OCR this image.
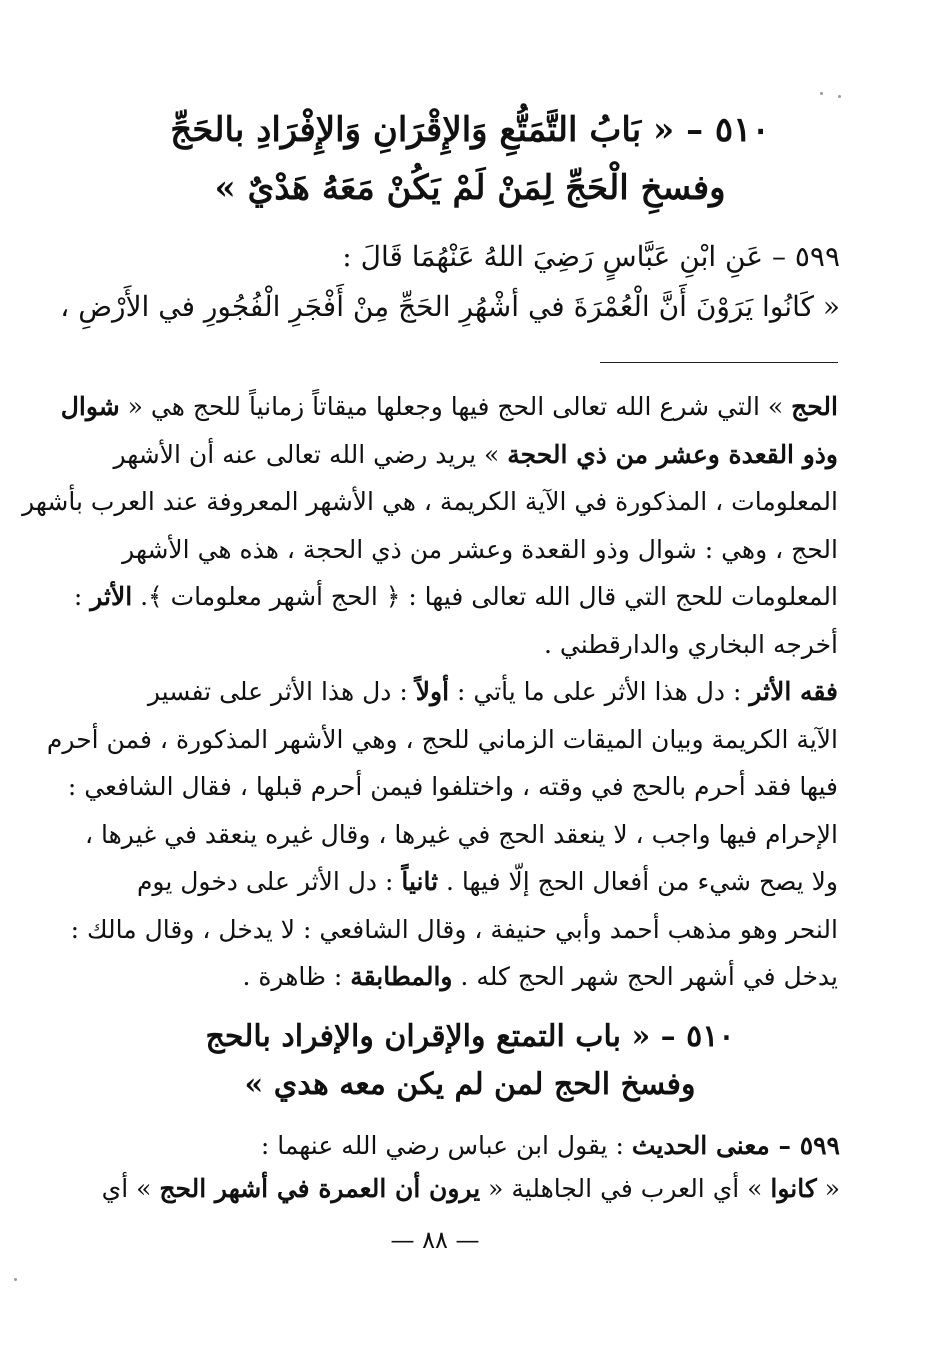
٥١٠ – « بَابُ التَّمَتُّعِ وَالإِقْرَانِ وَالإِفْرَادِ بالحَجِّ
وفسخِ الْحَجِّ لِمَنْ لَمْ يَكُنْ مَعَهُ هَدْيٌ »
٥٩٩ – عَنِ ابْنِ عَبَّاسٍ رَضِيَ اللهُ عَنْهُمَا قَالَ :
« كَانُوا يَرَوْنَ أَنَّ الْعُمْرَةَ في أشْهُرِ الحَجِّ مِنْ أَفْجَرِ الْفُجُورِ في الأَرْضِ ،
الحج » التي شرع الله تعالى الحج فيها وجعلها ميقاتاً زمانياً للحج هي « شوال
وذو القعدة وعشر من ذي الحجة » يريد رضي الله تعالى عنه أن الأشهر
المعلومات ، المذكورة في الآية الكريمة ، هي الأشهر المعروفة عند العرب بأشهر
الحج ، وهي : شوال وذو القعدة وعشر من ذي الحجة ، هذه هي الأشهر
المعلومات للحج التي قال الله تعالى فيها : ﴿ الحج أشهر معلومات ﴾. الأثر :
أخرجه البخاري والدارقطني .
فقه الأثر : دل هذا الأثر على ما يأتي : أولاً : دل هذا الأثر على تفسير
الآية الكريمة وبيان الميقات الزماني للحج ، وهي الأشهر المذكورة ، فمن أحرم
فيها فقد أحرم بالحج في وقته ، واختلفوا فيمن أحرم قبلها ، فقال الشافعي :
الإحرام فيها واجب ، لا ينعقد الحج في غيرها ، وقال غيره ينعقد في غيرها ،
ولا يصح شيء من أفعال الحج إلّا فيها . ثانياً : دل الأثر على دخول يوم
النحر وهو مذهب أحمد وأبي حنيفة ، وقال الشافعي : لا يدخل ، وقال مالك :
يدخل في أشهر الحج شهر الحج كله . والمطابقة : ظاهرة .
٥١٠ – « باب التمتع والإقران والإفراد بالحج
وفسخ الحج لمن لم يكن معه هدي »
٥٩٩ – معنى الحديث : يقول ابن عباس رضي الله عنهما :
« كانوا » أي العرب في الجاهلية « يرون أن العمرة في أشهر الحج » أي
— ٨٨ —
